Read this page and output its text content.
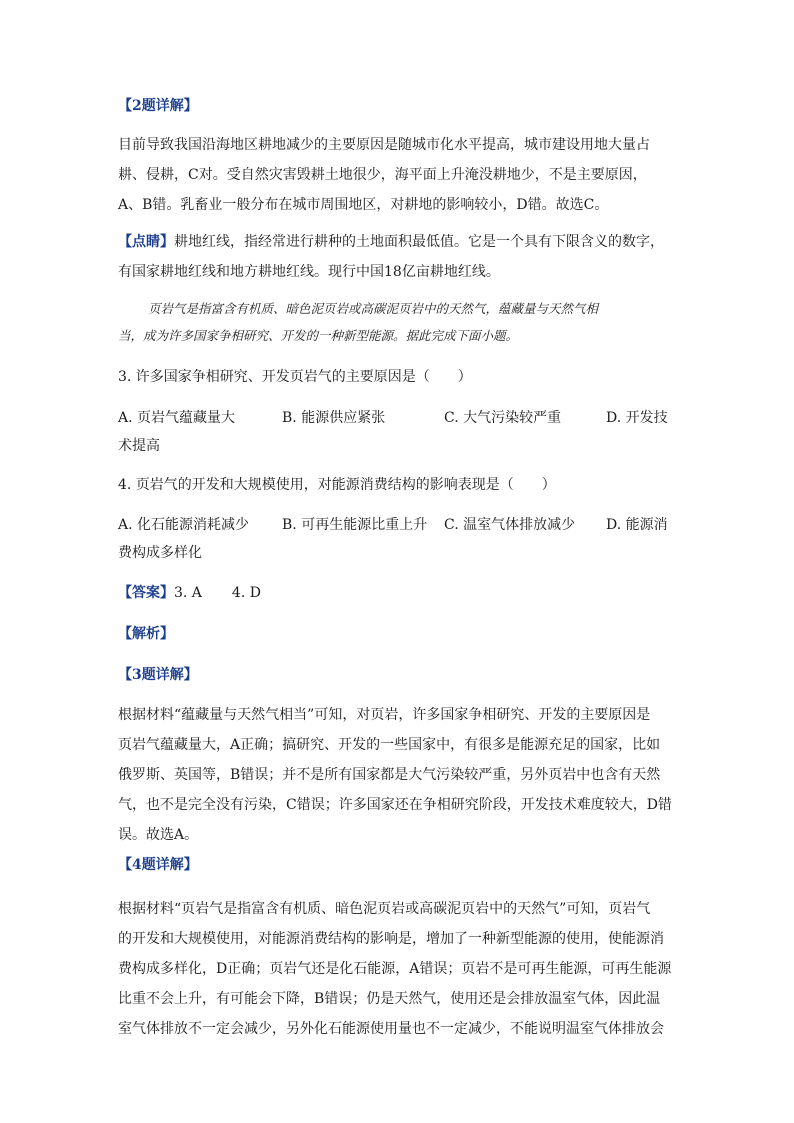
【2题详解】
目前导致我国沿海地区耕地减少的主要原因是随城市化水平提高，城市建设用地大量占
耕、侵耕，C对。受自然灾害毁耕土地很少，海平面上升淹没耕地少，不是主要原因，
A、B错。乳畜业一般分布在城市周围地区，对耕地的影响较小，D错。故选C。
【点睛】耕地红线，指经常进行耕种的土地面积最低值。它是一个具有下限含义的数字，
有国家耕地红线和地方耕地红线。现行中国18亿亩耕地红线。
页岩气是指富含有机质、暗色泥页岩或高碳泥页岩中的天然气，蕴藏量与天然气相
当，成为许多国家争相研究、开发的一种新型能源。据此完成下面小题。
3. 许多国家争相研究、开发页岩气的主要原因是（　　）
A. 页岩气蕴藏量大	B. 能源供应紧张	C. 大气污染较严重	D. 开发技
术提高
4. 页岩气的开发和大规模使用，对能源消费结构的影响表现是（　　）
A. 化石能源消耗减少 B. 可再生能源比重上升 C. 温室气体排放减少 D. 能源消
费构成多样化
【答案】3. A 4. D
【解析】
【3题详解】
根据材料“蕴藏量与天然气相当”可知，对页岩，许多国家争相研究、开发的主要原因是
页岩气蕴藏量大，A正确；搞研究、开发的一些国家中，有很多是能源充足的国家，比如
俄罗斯、英国等，B错误；并不是所有国家都是大气污染较严重，另外页岩中也含有天然
气，也不是完全没有污染，C错误；许多国家还在争相研究阶段，开发技术难度较大，D错
误。故选A。
【4题详解】
根据材料“页岩气是指富含有机质、暗色泥页岩或高碳泥页岩中的天然气”可知，页岩气
的开发和大规模使用，对能源消费结构的影响是，增加了一种新型能源的使用，使能源消
费构成多样化，D正确；页岩气还是化石能源，A错误；页岩不是可再生能源，可再生能源
比重不会上升，有可能会下降，B错误；仍是天然气，使用还是会排放温室气体，因此温
室气体排放不一定会减少，另外化石能源使用量也不一定减少，不能说明温室气体排放会
